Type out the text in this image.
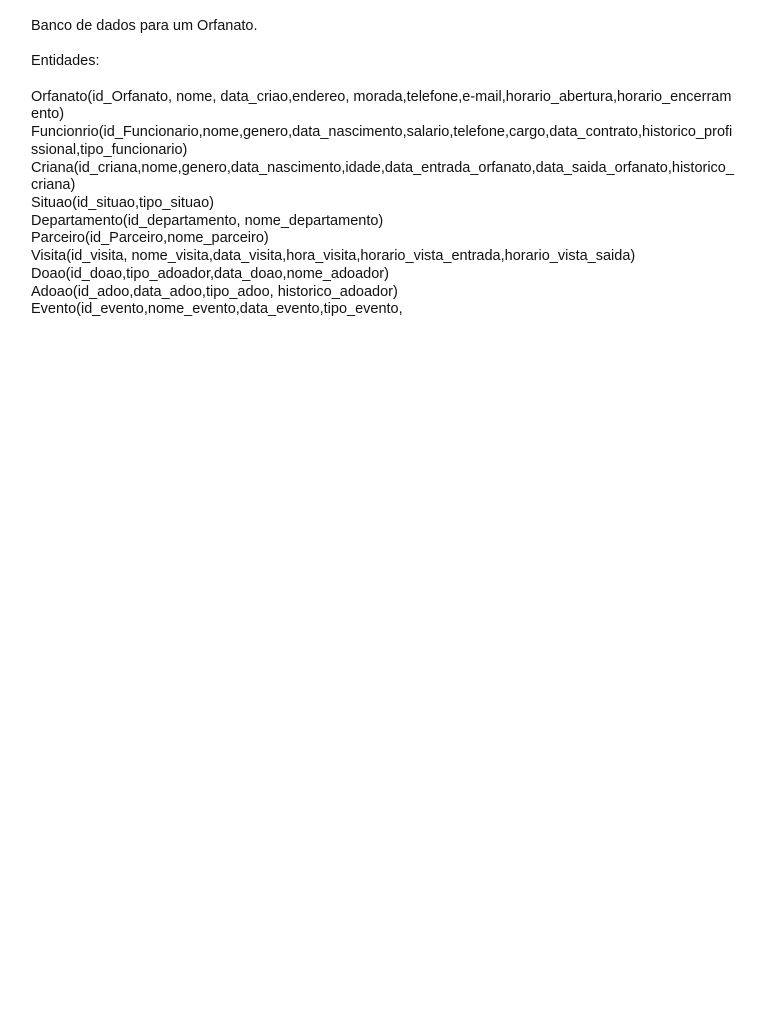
Banco de dados para um Orfanato.

Entidades:

Orfanato(id_Orfanato, nome, data_criao,endereo, morada,telefone,e-mail,horario_abertura,horario_encerramento)

Funcionrio(id_Funcionario,nome,genero,data_nascimento,salario,telefone,cargo,data_contrato,historico_profissional,tipo_funcionario)

Criana(id_criana,nome,genero,data_nascimento,idade,data_entrada_orfanato,data_saida_orfanato,historico_criana)

Situao(id_situao,tipo_situao)

Departamento(id_departamento, nome_departamento)

Parceiro(id_Parceiro,nome_parceiro)

Visita(id_visita, nome_visita,data_visita,hora_visita,horario_vista_entrada,horario_vista_saida)

Doao(id_doao,tipo_adoador,data_doao,nome_adoador)

Adoao(id_adoo,data_adoo,tipo_adoo, historico_adoador)

Evento(id_evento,nome_evento,data_evento,tipo_evento,
